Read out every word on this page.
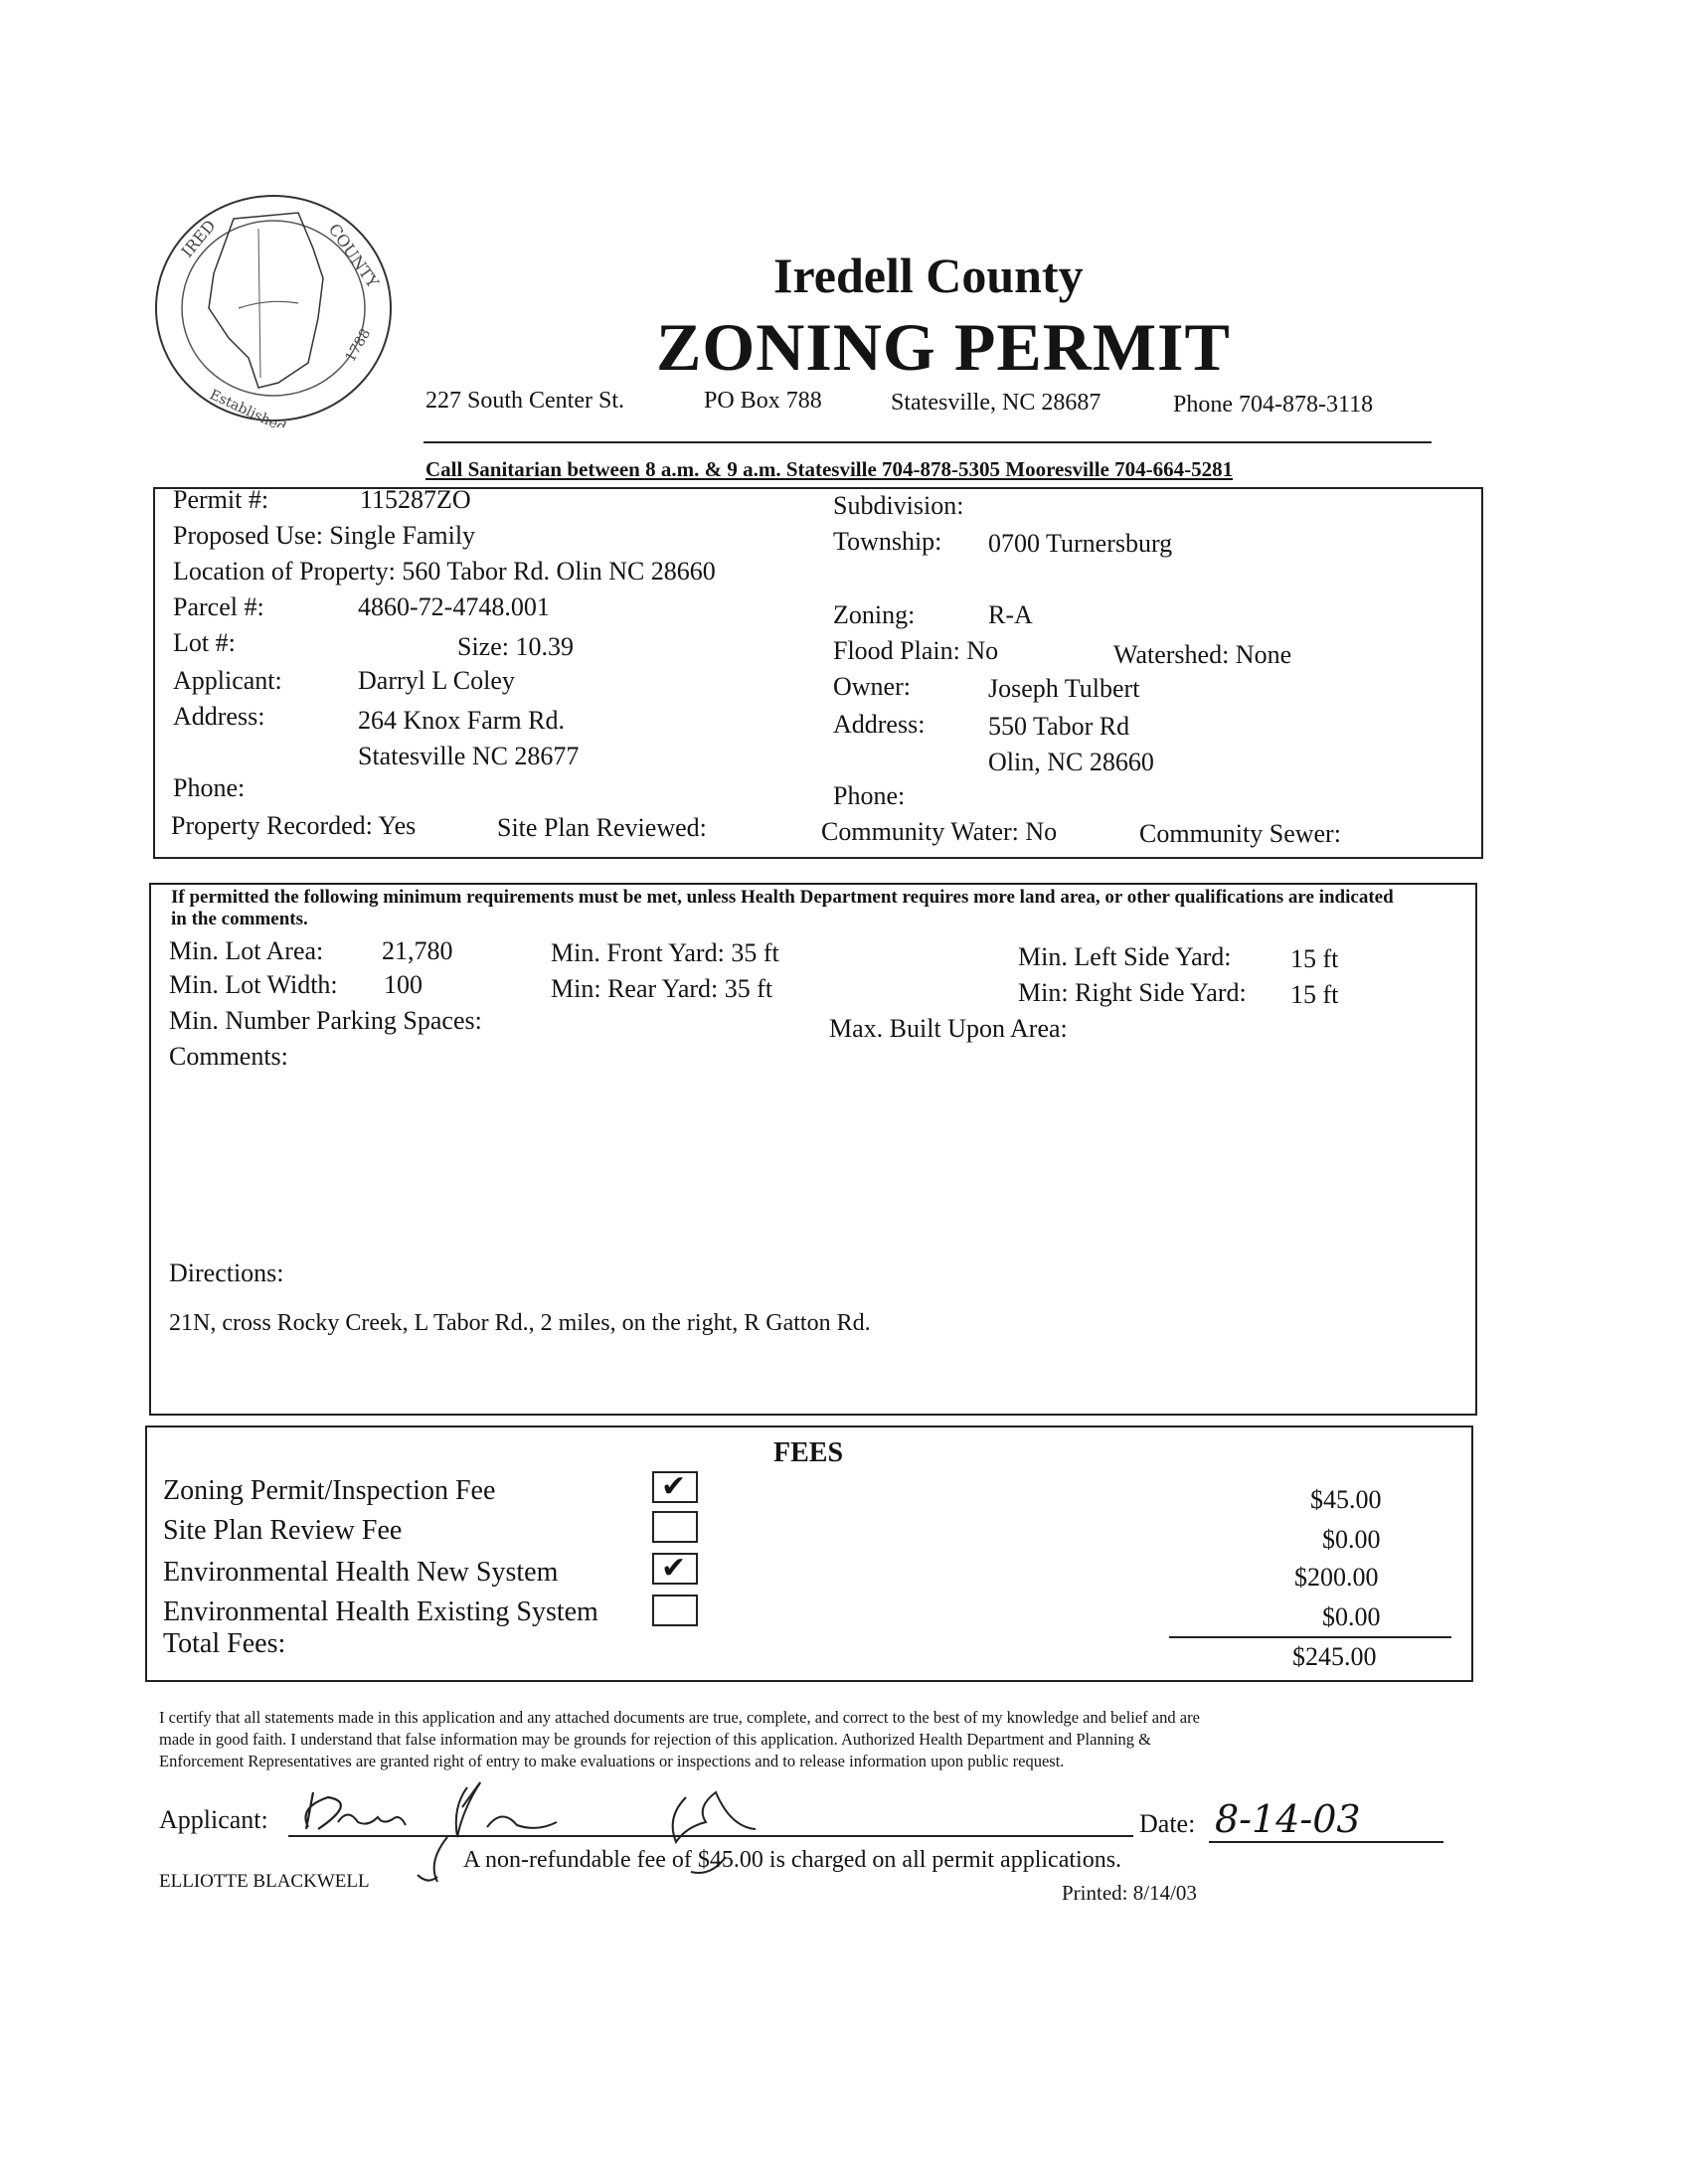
IRED	COUNTY
1788
Established
Iredell County
ZONING PERMIT
227 South Center St.	PO Box 788	Statesville, NC 28687	Phone 704-878-3118
Call Sanitarian between 8 a.m. & 9 a.m. Statesville 704-878-5305 Mooresville 704-664-5281
Permit #:	115287ZO
Proposed Use: Single Family
Location of Property: 560 Tabor Rd. Olin NC 28660
Parcel #:	4860-72-4748.001
Lot #:	Size: 10.39
Applicant:	Darryl L Coley
Address:	264 Knox Farm Rd.
Statesville NC 28677
Phone:
Property Recorded: Yes	Site Plan Reviewed:
Subdivision:
Township: 0700 Turnersburg
Zoning:	R-A
Flood Plain: No	Watershed: None
Owner:	Joseph Tulbert
Address: 550 Tabor Rd
Olin, NC 28660
Phone:
Community Water: No	Community Sewer:
If permitted the following minimum requirements must be met, unless Health Department requires more land area, or other qualifications are indicated in the comments.
Min. Lot Area: 21,780	Min. Front Yard: 35 ft	Min. Left Side Yard: 15 ft
Min. Lot Width: 100	Min: Rear Yard: 35 ft	Min: Right Side Yard: 15 ft
Min. Number Parking Spaces:	Max. Built Upon Area:
Comments:
Directions:
21N, cross Rocky Creek, L Tabor Rd., 2 miles, on the right, R Gatton Rd.
FEES
Zoning Permit/Inspection Fee	✔	$45.00
Site Plan Review Fee	$0.00
Environmental Health New System	✔	$200.00
Environmental Health Existing System	$0.00
Total Fees:	$245.00
I certify that all statements made in this application and any attached documents are true, complete, and correct to the best of my knowledge and belief and are
made in good faith. I understand that false information may be grounds for rejection of this application. Authorized Health Department and Planning &
Enforcement Representatives are granted right of entry to make evaluations or inspections and to release information upon public request.
Applicant:	Date: 8-14-03
A non-refundable fee of $45.00 is charged on all permit applications.
ELLIOTTE BLACKWELL	Printed: 8/14/03
